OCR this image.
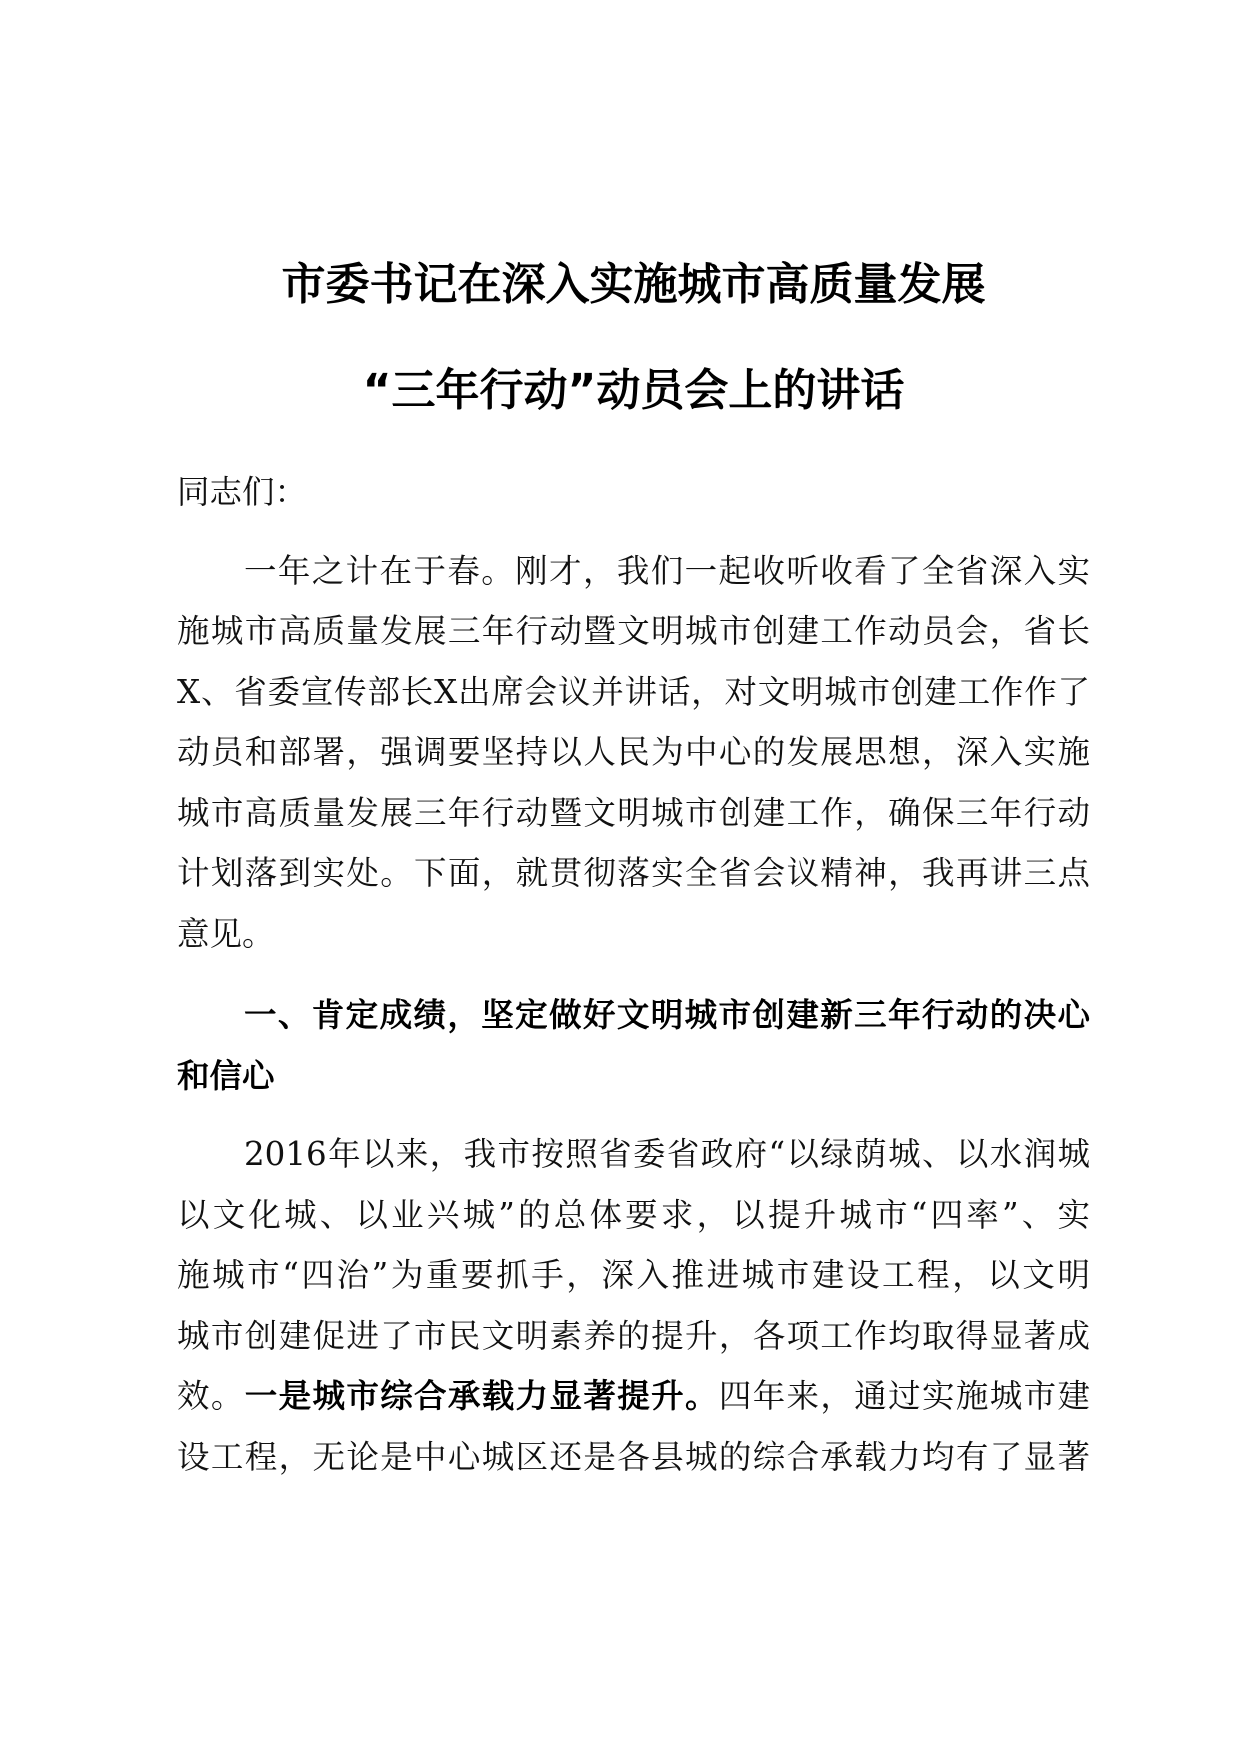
市委书记在深入实施城市高质量发展
“三年行动”动员会上的讲话
同志们：
一年之计在于春。刚才，我们一起收听收看了全省深入实
施城市高质量发展三年行动暨文明城市创建工作动员会，省长
X、省委宣传部长X出席会议并讲话，对文明城市创建工作作了
动员和部署，强调要坚持以人民为中心的发展思想，深入实施
城市高质量发展三年行动暨文明城市创建工作，确保三年行动
计划落到实处。下面，就贯彻落实全省会议精神，我再讲三点
意见。
一、肯定成绩，坚定做好文明城市创建新三年行动的决心
和信心
2016年以来，我市按照省委省政府“以绿荫城、以水润城
以文化城、以业兴城”的总体要求，以提升城市“四率”、实
施城市“四治”为重要抓手，深入推进城市建设工程，以文明
城市创建促进了市民文明素养的提升，各项工作均取得显著成
效。一是城市综合承载力显著提升。四年来，通过实施城市建
设工程，无论是中心城区还是各县城的综合承载力均有了显著
